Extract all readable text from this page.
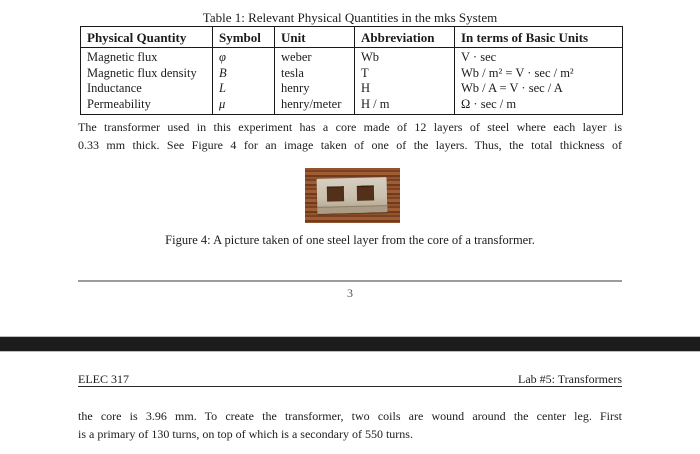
Table 1: Relevant Physical Quantities in the mks System
Physical Quantity	Symbol	Unit	Abbreviation	In terms of Basic Units
Magnetic flux	φ	weber	Wb	V · sec
Magnetic flux density	B	tesla	T	Wb / m² = V · sec / m²
Inductance	L	henry	H	Wb / A = V · sec / A
Permeability	μ	henry/meter	H / m	Ω · sec / m
The transformer used in this experiment has a core made of 12 layers of steel where each layer is
0.33 mm thick. See Figure 4 for an image taken of one of the layers. Thus, the total thickness of
Figure 4: A picture taken of one steel layer from the core of a transformer.
3
ELEC 317	Lab #5: Transformers
the core is 3.96 mm. To create the transformer, two coils are wound around the center leg. First
is a primary of 130 turns, on top of which is a secondary of 550 turns.
